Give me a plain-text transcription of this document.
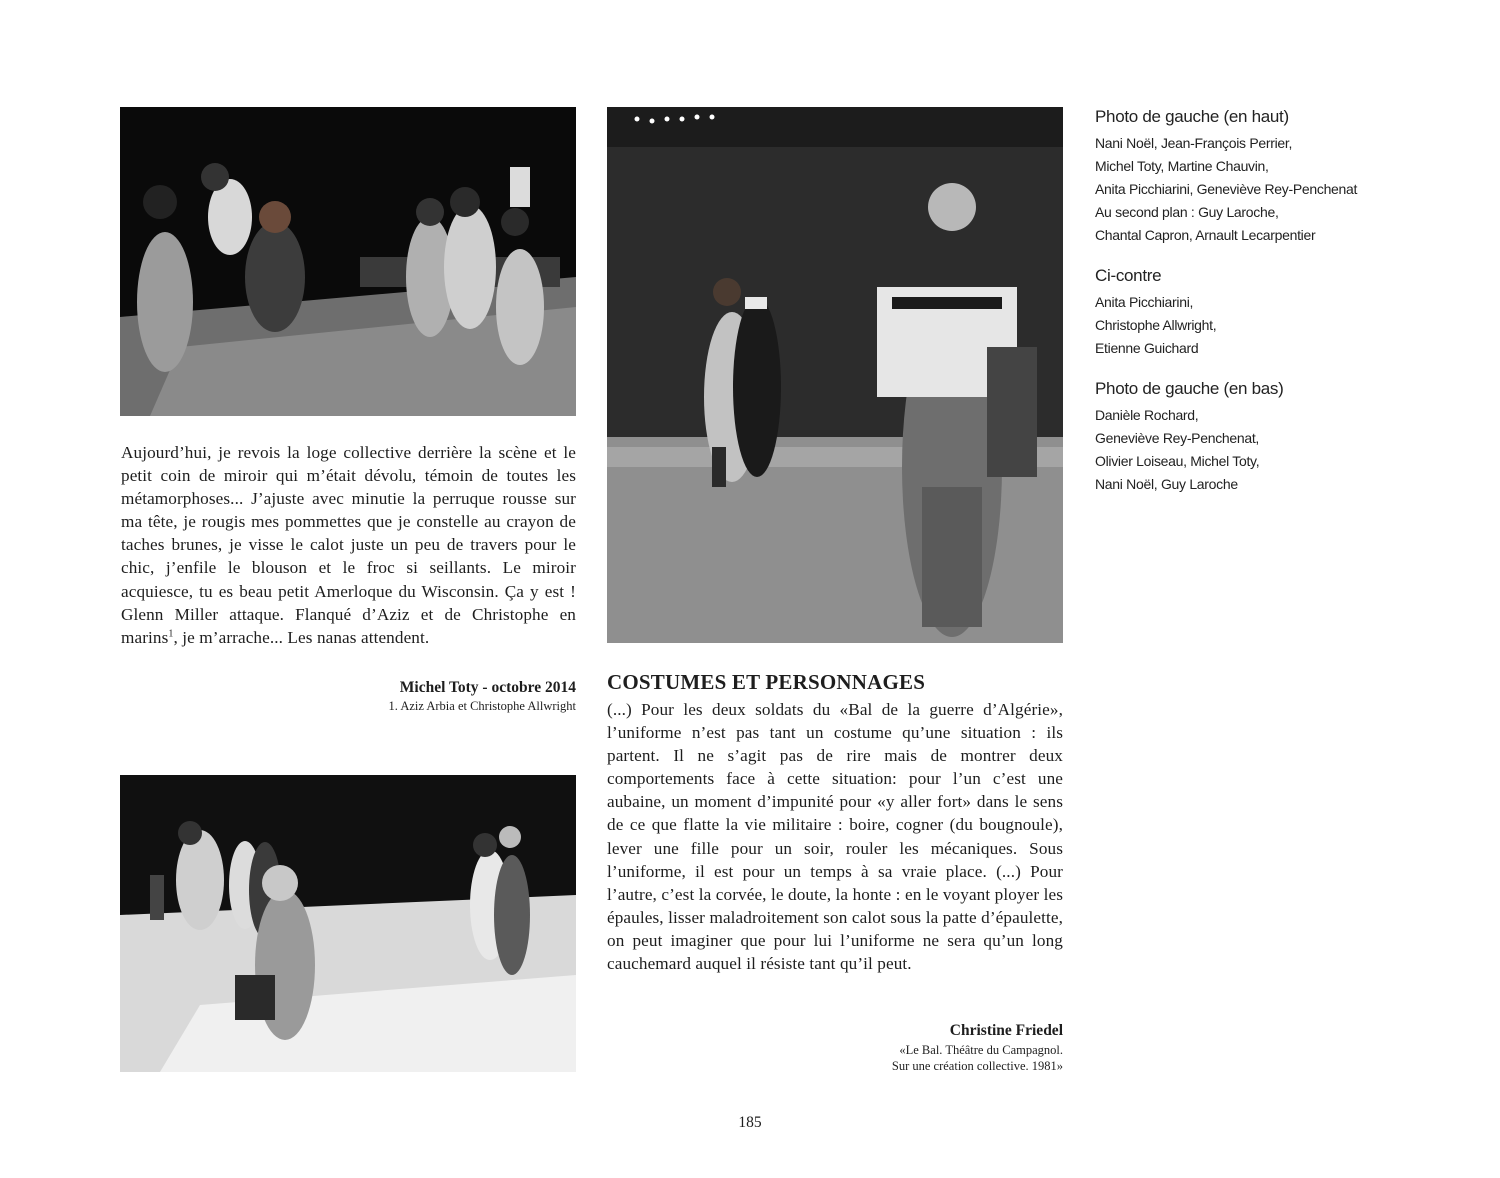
Aujourd’hui, je revois la loge collective derrière la scène et le petit coin de miroir qui m’était dévolu, témoin de toutes les métamorphoses... J’ajuste avec minutie la perruque rousse sur ma tête, je rougis mes pommettes que je constelle au crayon de taches brunes, je visse le calot juste un peu de travers pour le chic, j’enfile le blouson et le froc si seillants. Le miroir acquiesce, tu es beau petit Amerloque du Wisconsin. Ça y est ! Glenn Miller attaque. Flanqué d’Aziz et de Christophe en marins$^1$, je m’arrache... Les nanas attendent.

Michel Toty - octobre 2014

1. Aziz Arbia et Christophe Allwright

COSTUMES ET PERSONNAGES

(...) Pour les deux soldats du «Bal de la guerre d’Algérie», l’uniforme n’est pas tant un costume qu’une situation : ils partent. Il ne s’agit pas de rire mais de montrer deux comportements face à cette situation: pour l’un c’est une aubaine, un moment d’impunité pour «y aller fort» dans le sens de ce que flatte la vie militaire : boire, cogner (du bougnoule), lever une fille pour un soir, rouler les mécaniques. Sous l’uniforme, il est pour un temps à sa vraie place. (...) Pour l’autre, c’est la corvée, le doute, la honte : en le voyant ployer les épaules, lisser maladroitement son calot sous la patte d’épaulette, on peut imaginer que pour lui l’uniforme ne sera qu’un long cauchemard auquel il résiste tant qu’il peut.

Christine Friedel

«Le Bal. Théâtre du Campagnol.
Sur une création collective. 1981»

Photo de gauche (en haut)

Nani Noël, Jean-François Perrier,

Michel Toty, Martine Chauvin,

Anita Picchiarini, Geneviève Rey-Penchenat

Au second plan : Guy Laroche,

Chantal Capron, Arnault Lecarpentier

Ci-contre

Anita Picchiarini,

Christophe Allwright,

Etienne Guichard

Photo de gauche (en bas)

Danièle Rochard,

Geneviève Rey-Penchenat,

Olivier Loiseau, Michel Toty,

Nani Noël, Guy Laroche

185
